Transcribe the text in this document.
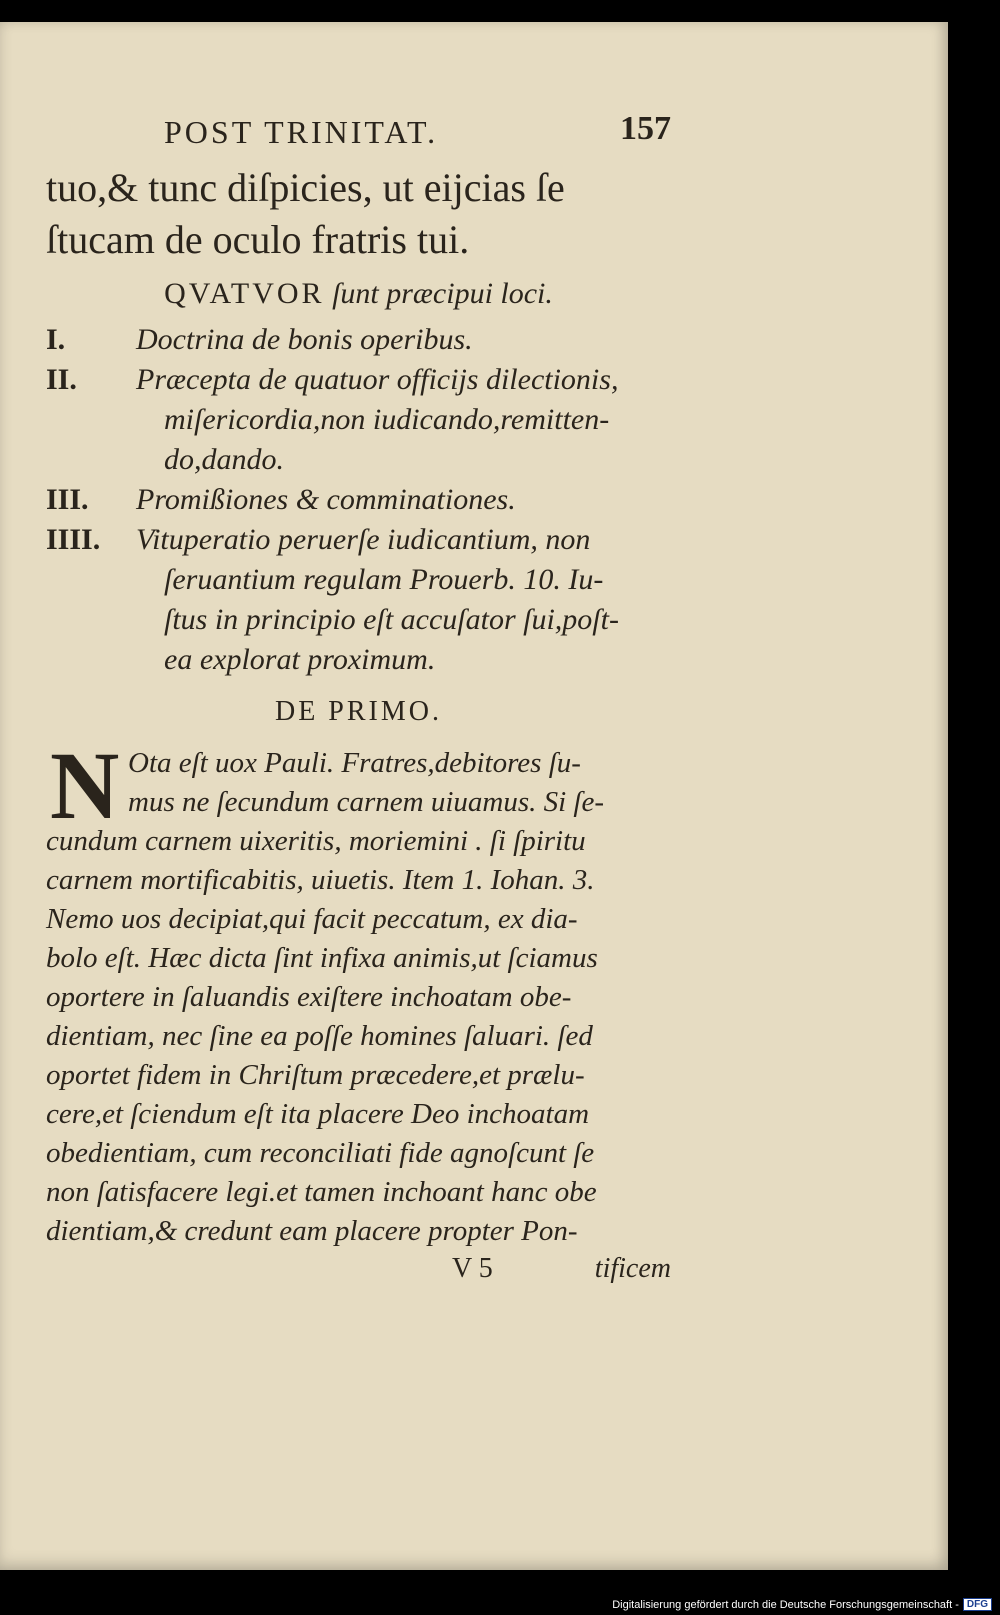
POST TRINITAT.	157
tuo,& tunc diſpicies, ut eijcias ſe
ſtucam de oculo fratris tui.
QVATVOR ſunt præcipui loci.
I.	Doctrina de bonis operibus.
II.	Præcepta de quatuor officijs dilectionis,
miſericordia,non iudicando,remitten-
do,dando.
III.	Promißiones & comminationes.
IIII.	Vituperatio peruerſe iudicantium, non
ſeruantium regulam Prouerb. 10. Iu-
ſtus in principio eſt accuſator ſui,poſt-
ea explorat proximum.
DE PRIMO.
N Ota eſt uox Pauli. Fratres,debitores ſu-
mus ne ſecundum carnem uiuamus. Si ſe-
cundum carnem uixeritis, moriemini . ſi ſpiritu
carnem mortificabitis, uiuetis. Item 1. Iohan. 3.
Nemo uos decipiat,qui facit peccatum, ex dia-
bolo eſt. Hæc dicta ſint infixa animis,ut ſciamus
oportere in ſaluandis exiſtere inchoatam obe-
dientiam, nec ſine ea poſſe homines ſaluari. ſed
oportet fidem in Chriſtum præcedere,et prælu-
cere,et ſciendum eſt ita placere Deo inchoatam
obedientiam, cum reconciliati fide agnoſcunt ſe
non ſatisfacere legi.et tamen inchoant hanc obe
dientiam,& credunt eam placere propter Pon-
V 5	tificem
Digitalisierung gefördert durch die Deutsche Forschungsgemeinschaft - DFG
